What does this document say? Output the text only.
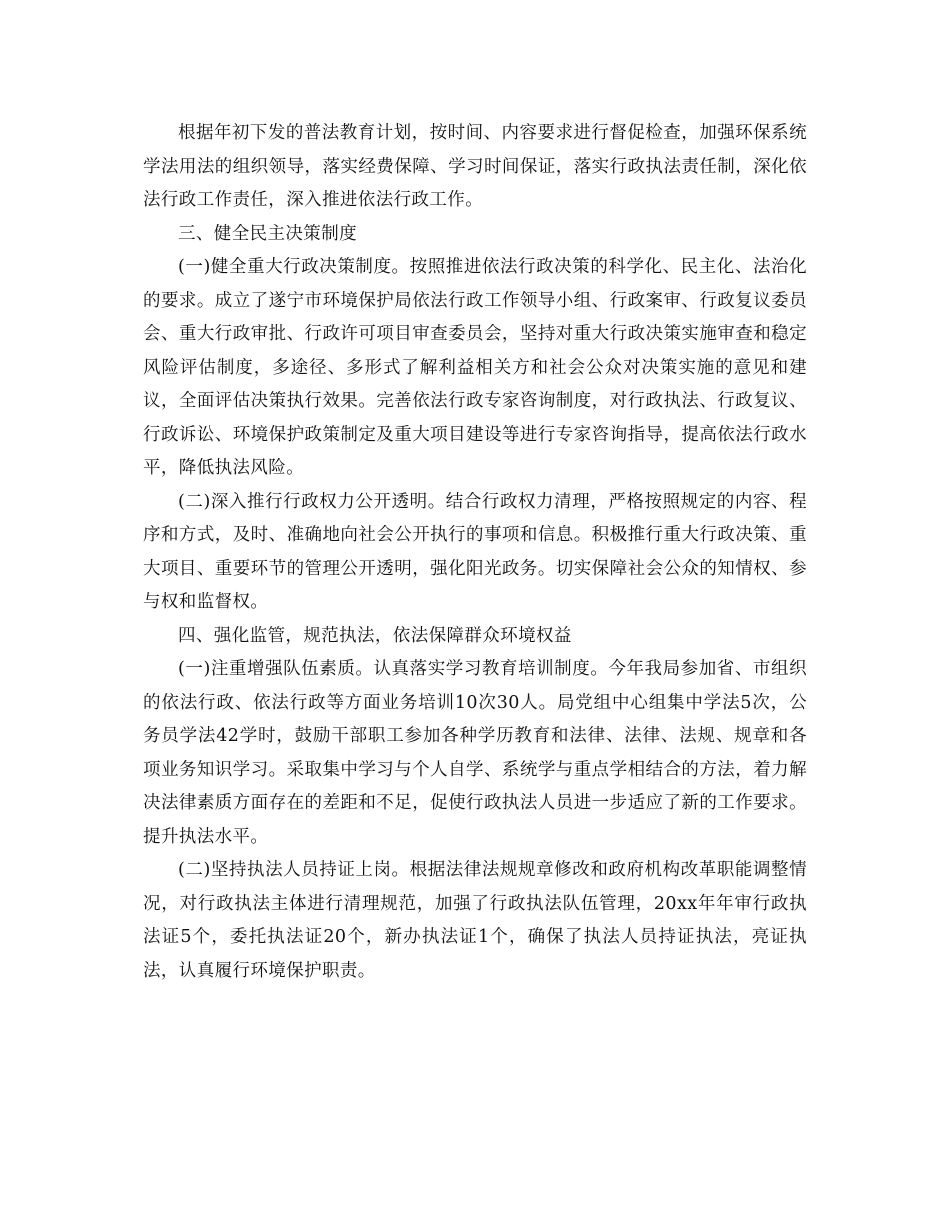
根据年初下发的普法教育计划，按时间、内容要求进行督促检查，加强环保系统学法用法的组织领导，落实经费保障、学习时间保证，落实行政执法责任制，深化依法行政工作责任，深入推进依法行政工作。

三、健全民主决策制度

(一)健全重大行政决策制度。按照推进依法行政决策的科学化、民主化、法治化的要求。成立了遂宁市环境保护局依法行政工作领导小组、行政案审、行政复议委员会、重大行政审批、行政许可项目审查委员会，坚持对重大行政决策实施审查和稳定风险评估制度，多途径、多形式了解利益相关方和社会公众对决策实施的意见和建议，全面评估决策执行效果。完善依法行政专家咨询制度，对行政执法、行政复议、行政诉讼、环境保护政策制定及重大项目建设等进行专家咨询指导，提高依法行政水平，降低执法风险。

(二)深入推行行政权力公开透明。结合行政权力清理，严格按照规定的内容、程序和方式，及时、准确地向社会公开执行的事项和信息。积极推行重大行政决策、重大项目、重要环节的管理公开透明，强化阳光政务。切实保障社会公众的知情权、参与权和监督权。

四、强化监管，规范执法，依法保障群众环境权益

(一)注重增强队伍素质。认真落实学习教育培训制度。今年我局参加省、市组织的依法行政、依法行政等方面业务培训10次30人。局党组中心组集中学法5次，公务员学法42学时，鼓励干部职工参加各种学历教育和法律、法律、法规、规章和各项业务知识学习。采取集中学习与个人自学、系统学与重点学相结合的方法，着力解决法律素质方面存在的差距和不足，促使行政执法人员进一步适应了新的工作要求。提升执法水平。

(二)坚持执法人员持证上岗。根据法律法规规章修改和政府机构改革职能调整情况，对行政执法主体进行清理规范，加强了行政执法队伍管理，20xx年年审行政执法证5个，委托执法证20个，新办执法证1个，确保了执法人员持证执法，亮证执法，认真履行环境保护职责。
